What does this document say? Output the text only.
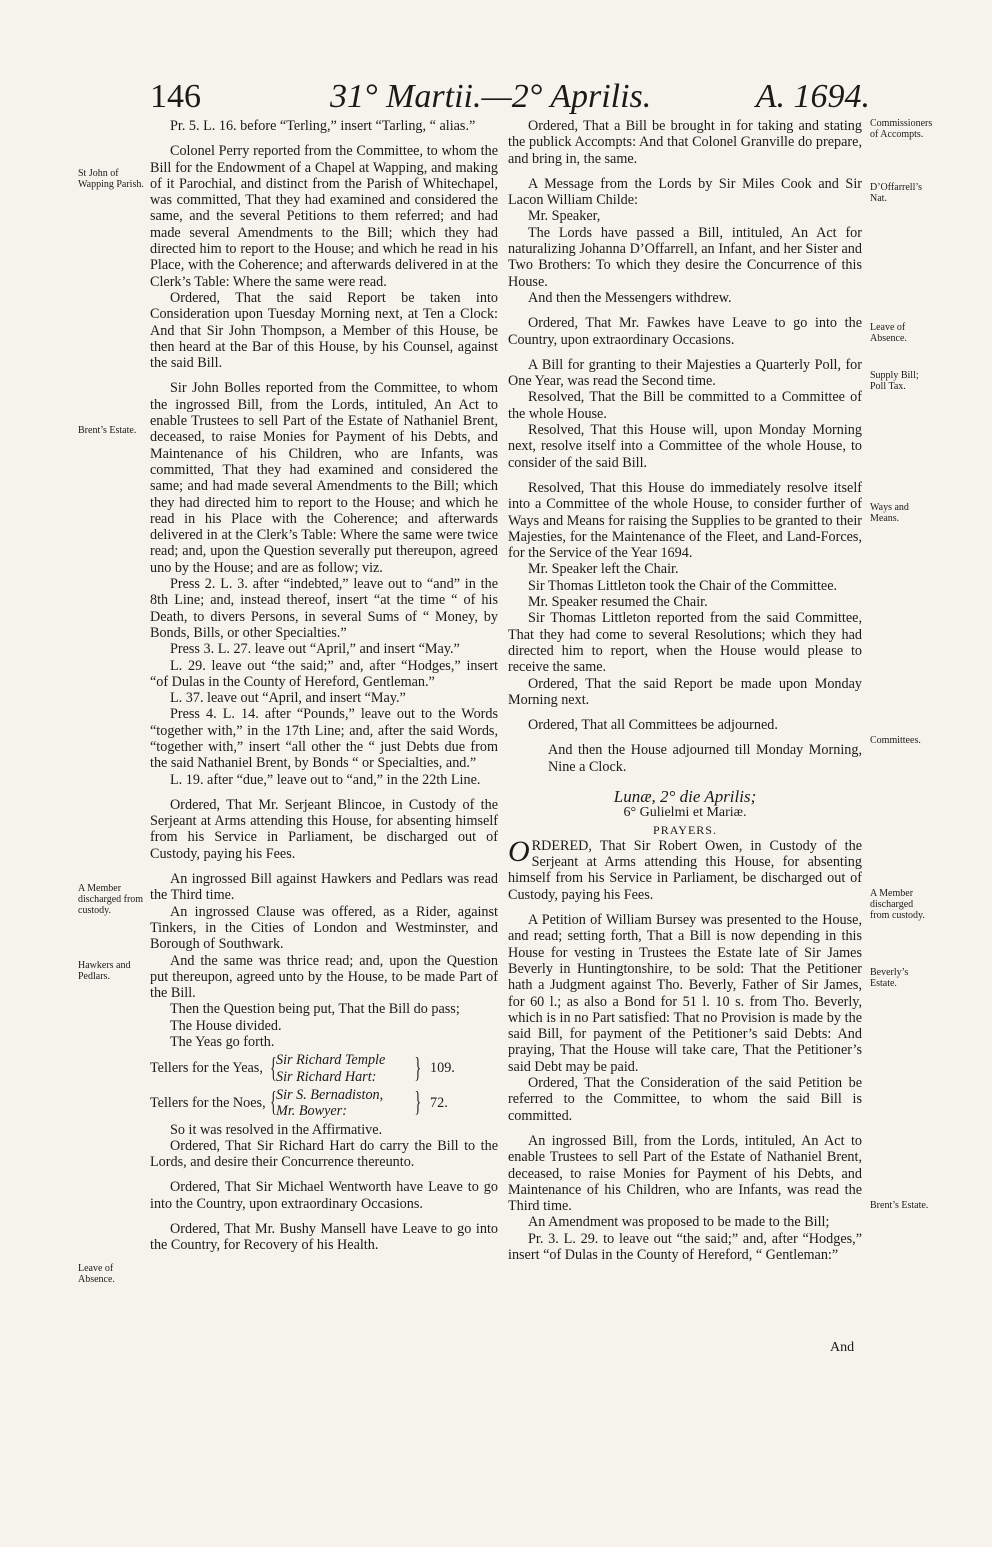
146	31° Martii.—2° Aprilis.	A. 1694.
St John of Wapping Parish.
Brent’s Estate.
A Member discharged from custody.
Hawkers and Pedlars.
Leave of Absence.
Commissioners of Accompts.
D’Offarrell’s Nat.
Leave of Absence.
Supply Bill; Poll Tax.
Ways and Means.
Committees.
A Member discharged from custody.
Beverly’s Estate.
Brent’s Estate.

Pr. 5. L. 16. before “Terling,” insert “Tarling, “ alias.”

Colonel Perry reported from the Committee, to whom the Bill for the Endowment of a Chapel at Wapping, and making of it Parochial, and distinct from the Parish of Whitechapel, was committed, That they had examined and considered the same, and the several Petitions to them referred; and had made several Amendments to the Bill; which they had directed him to report to the House; and which he read in his Place, with the Coherence; and afterwards delivered in at the Clerk’s Table: Where the same were read.

Ordered, That the said Report be taken into Consideration upon Tuesday Morning next, at Ten a Clock: And that Sir John Thompson, a Member of this House, be then heard at the Bar of this House, by his Counsel, against the said Bill.

Sir John Bolles reported from the Committee, to whom the ingrossed Bill, from the Lords, intituled, An Act to enable Trustees to sell Part of the Estate of Nathaniel Brent, deceased, to raise Monies for Payment of his Debts, and Maintenance of his Children, who are Infants, was committed, That they had examined and considered the same; and had made several Amendments to the Bill; which they had directed him to report to the House; and which he read in his Place with the Coherence; and afterwards delivered in at the Clerk’s Table: Where the same were twice read; and, upon the Question severally put thereupon, agreed uno by the House; and are as follow; viz.

Press 2. L. 3. after “indebted,” leave out to “and” in the 8th Line; and, instead thereof, insert “at the time “ of his Death, to divers Persons, in several Sums of “ Money, by Bonds, Bills, or other Specialties.”

Press 3. L. 27. leave out “April,” and insert “May.”

L. 29. leave out “the said;” and, after “Hodges,” insert “of Dulas in the County of Hereford, Gentleman.”

L. 37. leave out “April, and insert “May.”

Press 4. L. 14. after “Pounds,” leave out to the Words “together with,” in the 17th Line; and, after the said Words, “together with,” insert “all other the “ just Debts due from the said Nathaniel Brent, by Bonds “ or Specialties, and.”

L. 19. after “due,” leave out to “and,” in the 22th Line.

Ordered, That Mr. Serjeant Blincoe, in Custody of the Serjeant at Arms attending this House, for absenting himself from his Service in Parliament, be discharged out of Custody, paying his Fees.

An ingrossed Bill against Hawkers and Pedlars was read the Third time.

An ingrossed Clause was offered, as a Rider, against Tinkers, in the Cities of London and Westminster, and Borough of Southwark.

And the same was thrice read; and, upon the Question put thereupon, agreed unto by the House, to be made Part of the Bill.

Then the Question being put, That the Bill do pass;

The House divided.

The Yeas go forth.

Tellers for the Yeas, { Sir Richard Temple
Sir Richard Hart:	} 109.
Tellers for the Noes, { Sir S. Bernadiston,
Mr. Bowyer:	} 72.

So it was resolved in the Affirmative.

Ordered, That Sir Richard Hart do carry the Bill to the Lords, and desire their Concurrence thereunto.

Ordered, That Sir Michael Wentworth have Leave to go into the Country, upon extraordinary Occasions.

Ordered, That Mr. Bushy Mansell have Leave to go into the Country, for Recovery of his Health.

Ordered, That a Bill be brought in for taking and stating the publick Accompts: And that Colonel Granville do prepare, and bring in, the same.

A Message from the Lords by Sir Miles Cook and Sir Lacon William Childe:

Mr. Speaker,

The Lords have passed a Bill, intituled, An Act for naturalizing Johanna D’Offarrell, an Infant, and her Sister and Two Brothers: To which they desire the Concurrence of this House.

And then the Messengers withdrew.

Ordered, That Mr. Fawkes have Leave to go into the Country, upon extraordinary Occasions.

A Bill for granting to their Majesties a Quarterly Poll, for One Year, was read the Second time.

Resolved, That the Bill be committed to a Committee of the whole House.

Resolved, That this House will, upon Monday Morning next, resolve itself into a Committee of the whole House, to consider of the said Bill.

Resolved, That this House do immediately resolve itself into a Committee of the whole House, to consider further of Ways and Means for raising the Supplies to be granted to their Majesties, for the Maintenance of the Fleet, and Land-Forces, for the Service of the Year 1694.

Mr. Speaker left the Chair.

Sir Thomas Littleton took the Chair of the Committee.

Mr. Speaker resumed the Chair.

Sir Thomas Littleton reported from the said Committee, That they had come to several Resolutions; which they had directed him to report, when the House would please to receive the same.

Ordered, That the said Report be made upon Monday Morning next.

Ordered, That all Committees be adjourned.

And then the House adjourned till Monday Morning, Nine a Clock.

Lunæ, 2° die Aprilis;
6° Gulielmi et Mariæ.
PRAYERS.

ORDERED, That Sir Robert Owen, in Custody of the Serjeant at Arms attending this House, for absenting himself from his Service in Parliament, be discharged out of Custody, paying his Fees.

A Petition of William Bursey was presented to the House, and read; setting forth, That a Bill is now depending in this House for vesting in Trustees the Estate late of Sir James Beverly in Huntingtonshire, to be sold: That the Petitioner hath a Judgment against Tho. Beverly, Father of Sir James, for 60 l.; as also a Bond for 51 l. 10 s. from Tho. Beverly, which is in no Part satisfied: That no Provision is made by the said Bill, for payment of the Petitioner’s said Debts: And praying, That the House will take care, That the Petitioner’s said Debt may be paid.

Ordered, That the Consideration of the said Petition be referred to the Committee, to whom the said Bill is committed.

An ingrossed Bill, from the Lords, intituled, An Act to enable Trustees to sell Part of the Estate of Nathaniel Brent, deceased, to raise Monies for Payment of his Debts, and Maintenance of his Children, who are Infants, was read the Third time.

An Amendment was proposed to be made to the Bill;

Pr. 3. L. 29. to leave out “the said;” and, after “Hodges,” insert “of Dulas in the County of Hereford, “ Gentleman:”

And
